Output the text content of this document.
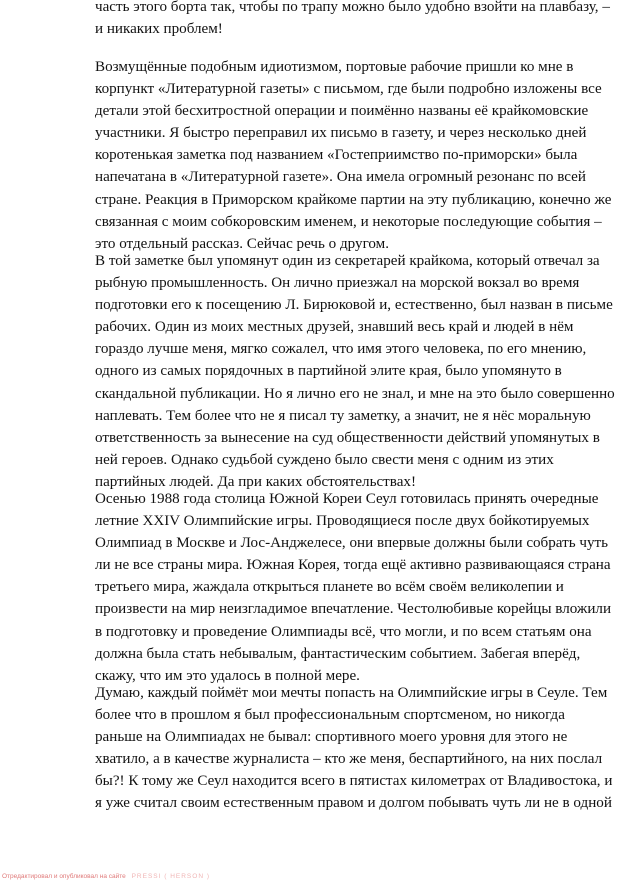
часть этого борта так, чтобы по трапу можно было удобно взойти на плавбазу, –
и никаких проблем!

Возмущённые подобным идиотизмом, портовые рабочие пришли ко мне в
корпункт «Литературной газеты» с письмом, где были подробно изложены все
детали этой бесхитростной операции и поимённо названы её крайкомовские
участники. Я быстро переправил их письмо в газету, и через несколько дней
коротенькая заметка под названием «Гостеприимство по-приморски» была
напечатана в «Литературной газете». Она имела огромный резонанс по всей
стране. Реакция в Приморском крайкоме партии на эту публикацию, конечно же
связанная с моим собкоровским именем, и некоторые последующие события –
это отдельный рассказ. Сейчас речь о другом.

В той заметке был упомянут один из секретарей крайкома, который отвечал за
рыбную промышленность. Он лично приезжал на морской вокзал во время
подготовки его к посещению Л. Бирюковой и, естественно, был назван в письме
рабочих. Один из моих местных друзей, знавший весь край и людей в нём
гораздо лучше меня, мягко сожалел, что имя этого человека, по его мнению,
одного из самых порядочных в партийной элите края, было упомянуто в
скандальной публикации. Но я лично его не знал, и мне на это было совершенно
наплевать. Тем более что не я писал ту заметку, а значит, не я нёс моральную
ответственность за вынесение на суд общественности действий упомянутых в
ней героев. Однако судьбой суждено было свести меня с одним из этих
партийных людей. Да при каких обстоятельствах!

Осенью 1988 года столица Южной Кореи Сеул готовилась принять очередные
летние XXIV Олимпийские игры. Проводящиеся после двух бойкотируемых
Олимпиад в Москве и Лос-Анджелесе, они впервые должны были собрать чуть
ли не все страны мира. Южная Корея, тогда ещё активно развивающаяся страна
третьего мира, жаждала открыться планете во всём своём великолепии и
произвести на мир неизгладимое впечатление. Честолюбивые корейцы вложили
в подготовку и проведение Олимпиады всё, что могли, и по всем статьям она
должна была стать небывалым, фантастическим событием. Забегая вперёд,
скажу, что им это удалось в полной мере.

Думаю, каждый поймёт мои мечты попасть на Олимпийские игры в Сеуле. Тем
более что в прошлом я был профессиональным спортсменом, но никогда
раньше на Олимпиадах не бывал: спортивного моего уровня для этого не
хватило, а в качестве журналиста – кто же меня, беспартийного, на них послал
бы?! К тому же Сеул находится всего в пятистах километрах от Владивостока, и
я уже считал своим естественным правом и долгом побывать чуть ли не в одной

Отредактировал и опубликовал на сайте PRESSI ( HERSON )
